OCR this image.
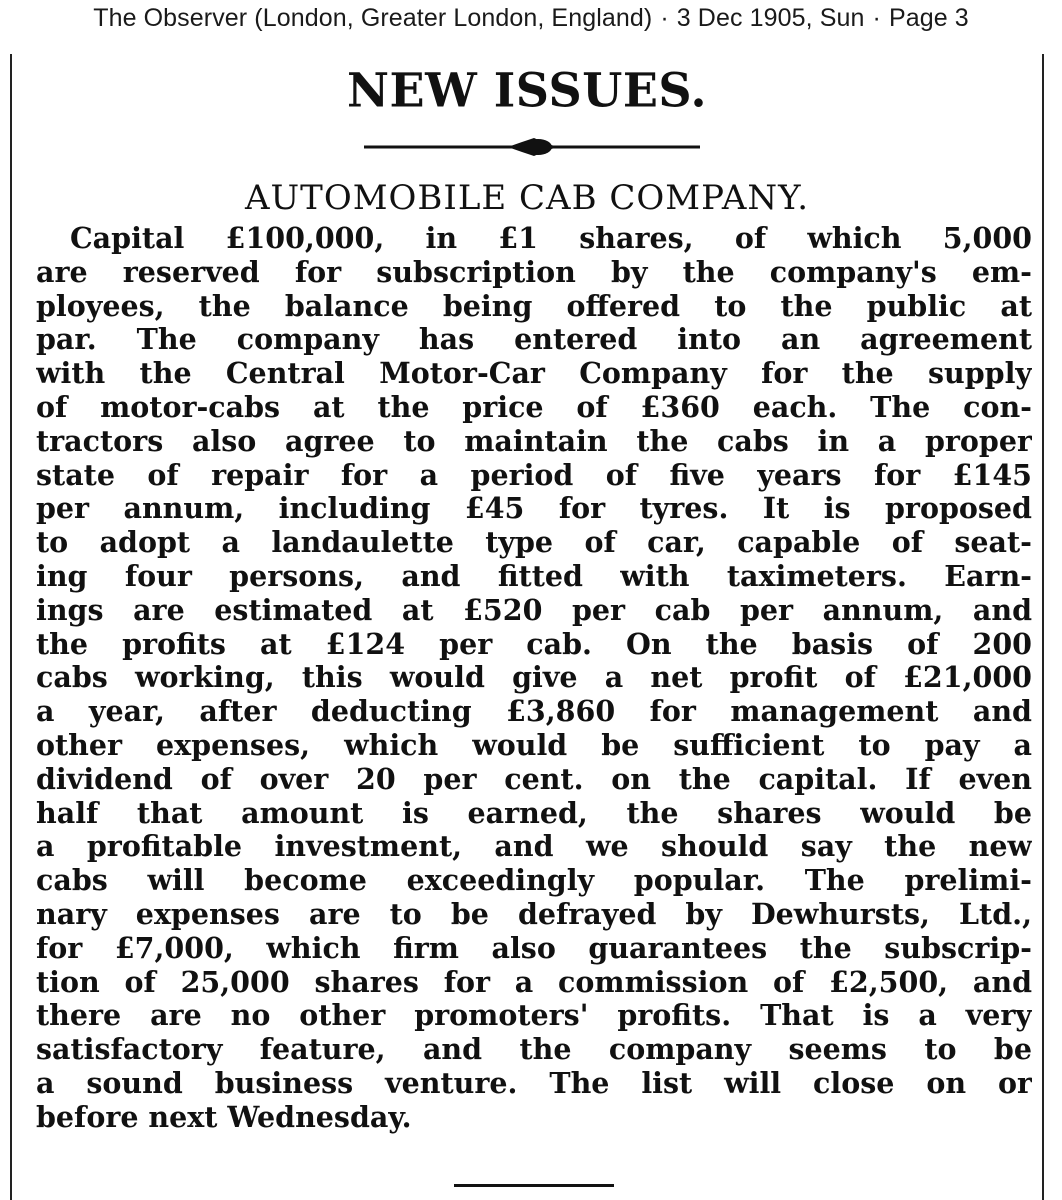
The Observer (London, Greater London, England) · 3 Dec 1905, Sun · Page 3
NEW ISSUES.
AUTOMOBILE CAB COMPANY.
Capital £100,000, in £1 shares, of which 5,000
are reserved for subscription by the company's em-
ployees, the balance being offered to the public at
par. The company has entered into an agreement
with the Central Motor-Car Company for the supply
of motor-cabs at the price of £360 each. The con-
tractors also agree to maintain the cabs in a proper
state of repair for a period of five years for £145
per annum, including £45 for tyres. It is proposed
to adopt a landaulette type of car, capable of seat-
ing four persons, and fitted with taximeters. Earn-
ings are estimated at £520 per cab per annum, and
the profits at £124 per cab. On the basis of 200
cabs working, this would give a net profit of £21,000
a year, after deducting £3,860 for management and
other expenses, which would be sufficient to pay a
dividend of over 20 per cent. on the capital. If even
half that amount is earned, the shares would be
a profitable investment, and we should say the new
cabs will become exceedingly popular. The prelimi-
nary expenses are to be defrayed by Dewhursts, Ltd.,
for £7,000, which firm also guarantees the subscrip-
tion of 25,000 shares for a commission of £2,500, and
there are no other promoters' profits. That is a very
satisfactory feature, and the company seems to be
a sound business venture. The list will close on or
before next Wednesday.
